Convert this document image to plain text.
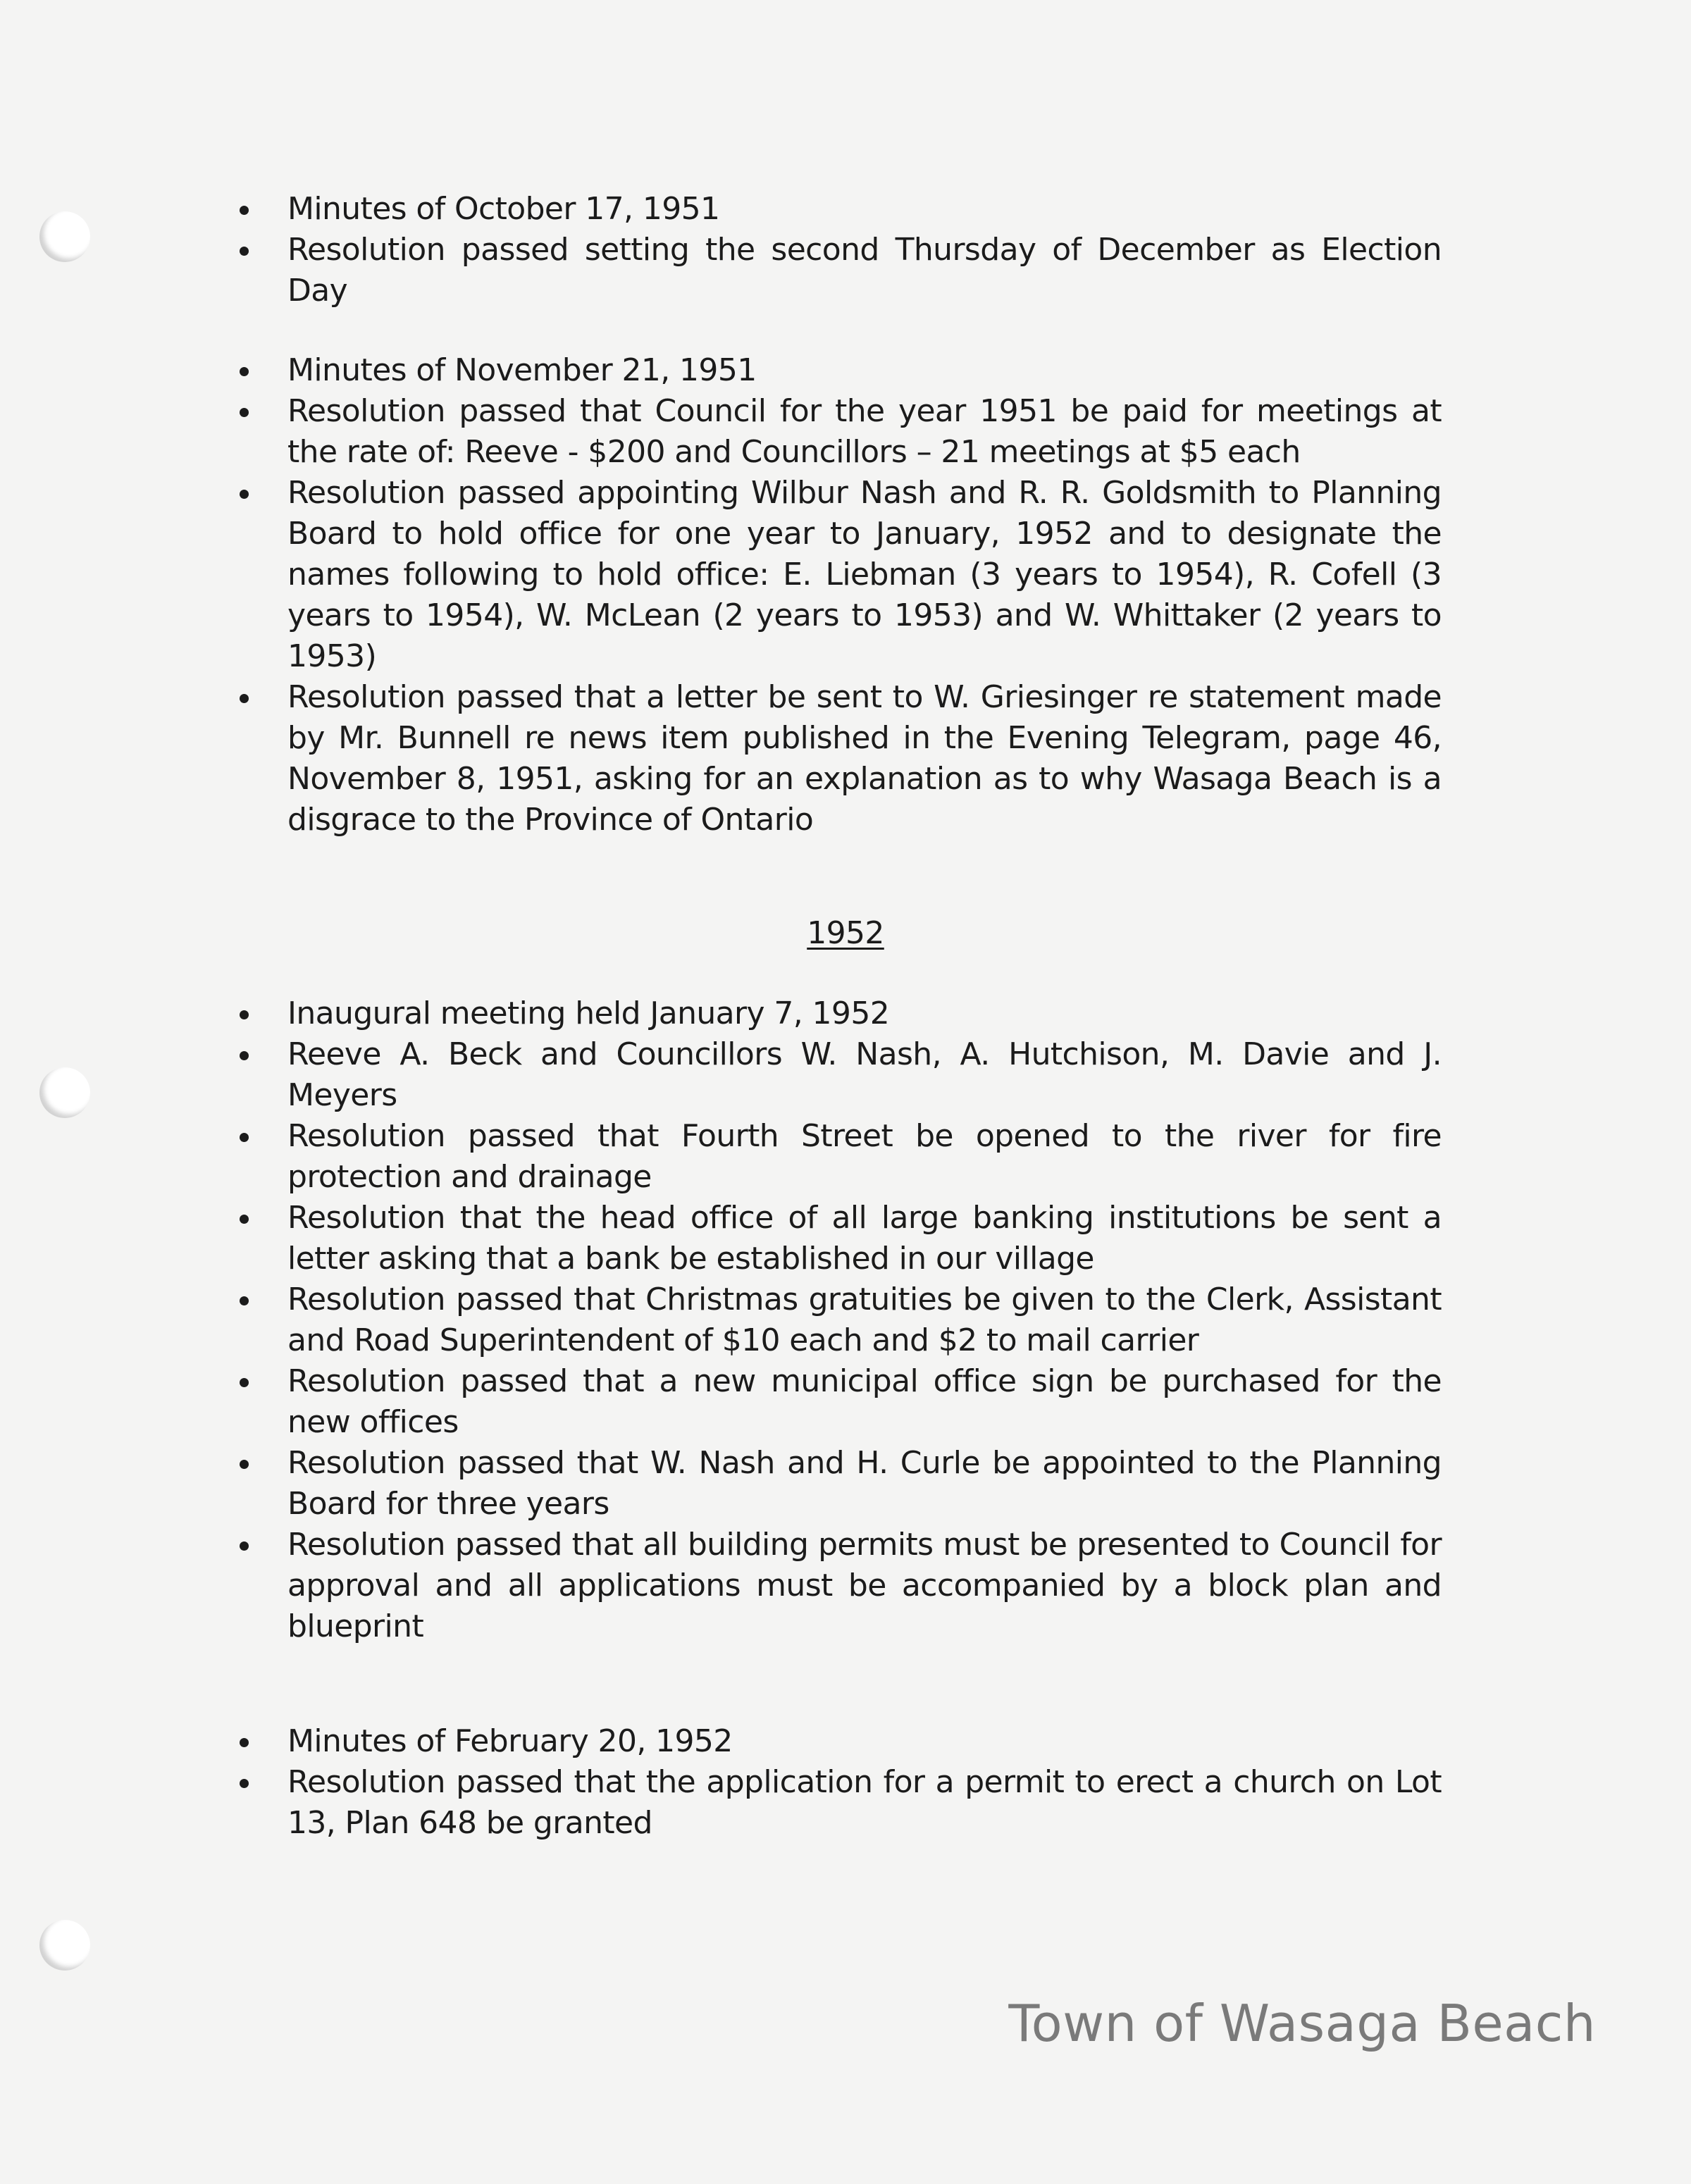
Minutes of October 17, 1951
Resolution passed setting the second Thursday of December as Election Day
Minutes of November 21, 1951
Resolution passed that Council for the year 1951 be paid for meetings at the rate of: Reeve - $200 and Councillors – 21 meetings at $5 each
Resolution passed appointing Wilbur Nash and R. R. Goldsmith to Planning Board to hold office for one year to January, 1952 and to designate the names following to hold office: E. Liebman (3 years to 1954), R. Cofell (3 years to 1954), W. McLean (2 years to 1953) and W. Whittaker (2 years to 1953)
Resolution passed that a letter be sent to W. Griesinger re statement made by Mr. Bunnell re news item published in the Evening Telegram, page 46, November 8, 1951, asking for an explanation as to why Wasaga Beach is a disgrace to the Province of Ontario
1952
Inaugural meeting held January 7, 1952
Reeve A. Beck and Councillors W. Nash, A. Hutchison, M. Davie and J. Meyers
Resolution passed that Fourth Street be opened to the river for fire protection and drainage
Resolution that the head office of all large banking institutions be sent a letter asking that a bank be established in our village
Resolution passed that Christmas gratuities be given to the Clerk, Assistant and Road Superintendent of $10 each and $2 to mail carrier
Resolution passed that a new municipal office sign be purchased for the new offices
Resolution passed that W. Nash and H. Curle be appointed to the Planning Board for three years
Resolution passed that all building permits must be presented to Council for approval and all applications must be accompanied by a block plan and blueprint
Minutes of February 20, 1952
Resolution passed that the application for a permit to erect a church on Lot 13, Plan 648 be granted
Town of Wasaga Beach
